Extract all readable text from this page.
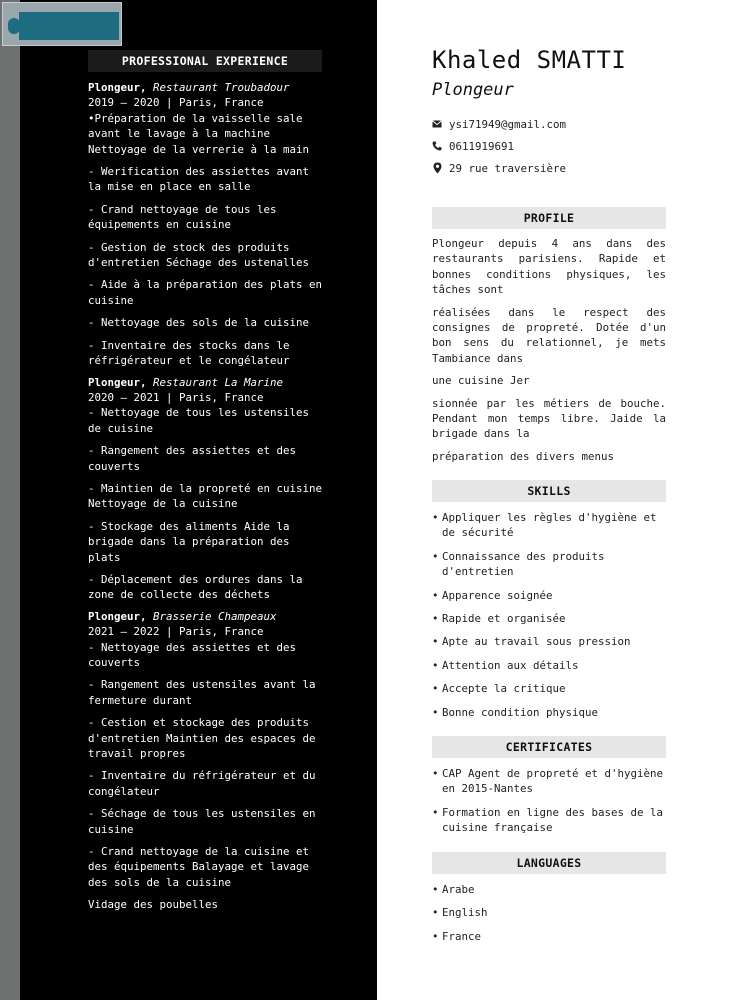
PROFESSIONAL EXPERIENCE
Plongeur, Restaurant Troubadour
2019 – 2020 | Paris, France
•Préparation de la vaisselle sale avant le lavage à la machine
Nettoyage de la verrerie à la main
- Werification des assiettes avant la mise en place en salle
- Crand nettoyage de tous les équipements en cuisine
- Gestion de stock des produits d'entretien Séchage des ustenalles
- Aide à la préparation des plats en cuisine
- Nettoyage des sols de la cuisine
- Inventaire des stocks dans le réfrigérateur et le congélateur
Plongeur, Restaurant La Marine
2020 – 2021 | Paris, France
- Nettoyage de tous les ustensiles de cuisine
- Rangement des assiettes et des couverts
- Maintien de la propreté en cuisine Nettoyage de la cuisine
- Stockage des aliments Aide la brigade dans la préparation des plats
- Déplacement des ordures dans la zone de collecte des déchets
Plongeur, Brasserie Champeaux
2021 – 2022 | Paris, France
- Nettoyage des assiettes et des couverts
- Rangement des ustensiles avant la fermeture durant
- Cestion et stockage des produits d'entretien Maintien des espaces de travail propres
- Inventaire du réfrigérateur et du congélateur
- Séchage de tous les ustensiles en cuisine
- Crand nettoyage de la cuisine et des équipements Balayage et lavage des sols de la cuisine
Vidage des poubelles
Khaled SMATTI
Plongeur
ysi71949@gmail.com
0611919691
29 rue traversière
PROFILE

Plongeur depuis 4 ans dans des restaurants parisiens. Rapide et bonnes conditions physiques, les tâches sont

réalisées dans le respect des consignes de propreté. Dotée d'un bon sens du relationnel, je mets Tambiance dans

une cuisine Jer

sionnée par les métiers de bouche. Pendant mon temps libre. Jaide la brigade dans la

préparation des divers menus

SKILLS
• Appliquer les règles d'hygiène et de sécurité
• Connaissance des produits d'entretien
• Apparence soignée
• Rapide et organisée
• Apte au travail sous pression
• Attention aux détails
• Accepte la critique
• Bonne condition physique
CERTIFICATES
• CAP Agent de propreté et d'hygiène en 2015-Nantes
• Formation en ligne des bases de la cuisine française
LANGUAGES
• Arabe
• English
• France
